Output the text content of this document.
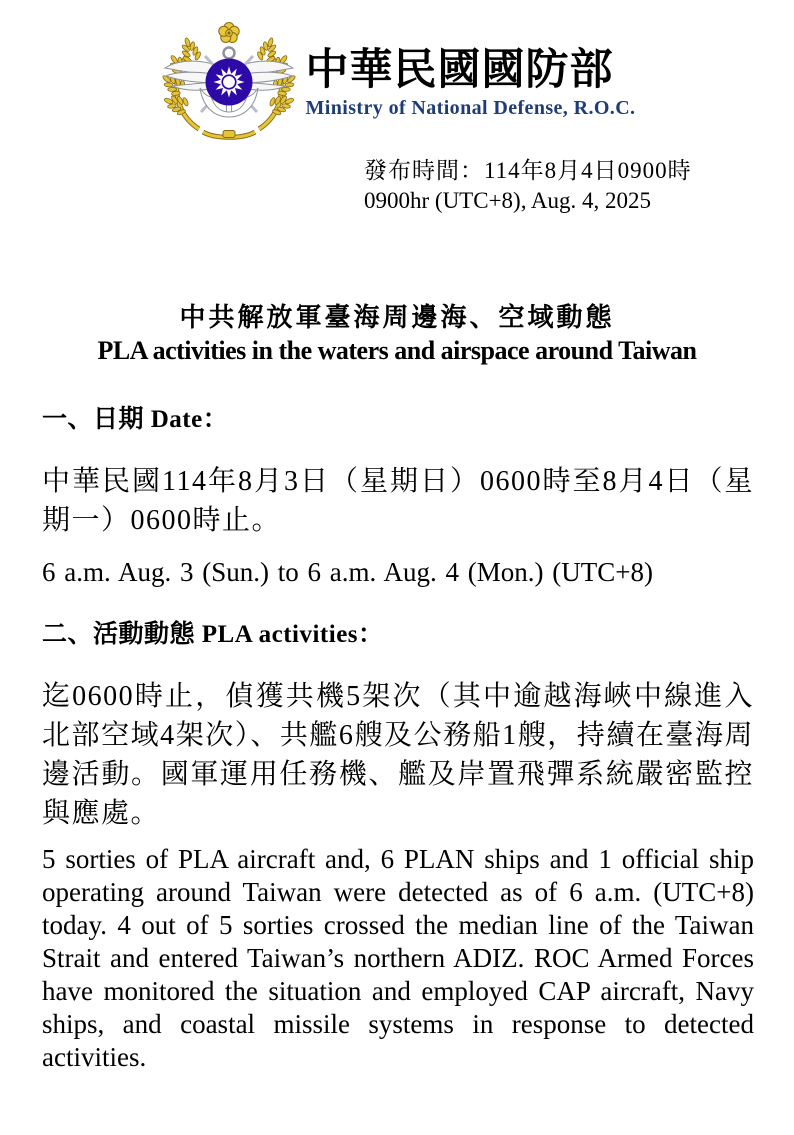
中華民國國防部
Ministry of National Defense, R.O.C.
發布時間：114年8月4日0900時
0900hr (UTC+8), Aug. 4, 2025
中共解放軍臺海周邊海、空域動態
PLA activities in the waters and airspace around Taiwan
一、日期 Date：
中華民國114年8月3日（星期日）0600時至8月4日（星期一）0600時止。
6 a.m. Aug. 3 (Sun.) to 6 a.m. Aug. 4 (Mon.) (UTC+8)
二、活動動態 PLA activities：
迄0600時止，偵獲共機5架次（其中逾越海峽中線進入北部空域4架次）、共艦6艘及公務船1艘，持續在臺海周邊活動。國軍運用任務機、艦及岸置飛彈系統嚴密監控與應處。
5 sorties of PLA aircraft and, 6 PLAN ships and 1 official ship operating around Taiwan were detected as of 6 a.m. (UTC+8) today. 4 out of 5 sorties crossed the median line of the Taiwan Strait and entered Taiwan’s northern ADIZ. ROC Armed Forces have monitored the situation and employed CAP aircraft, Navy ships, and coastal missile systems in response to detected activities.
